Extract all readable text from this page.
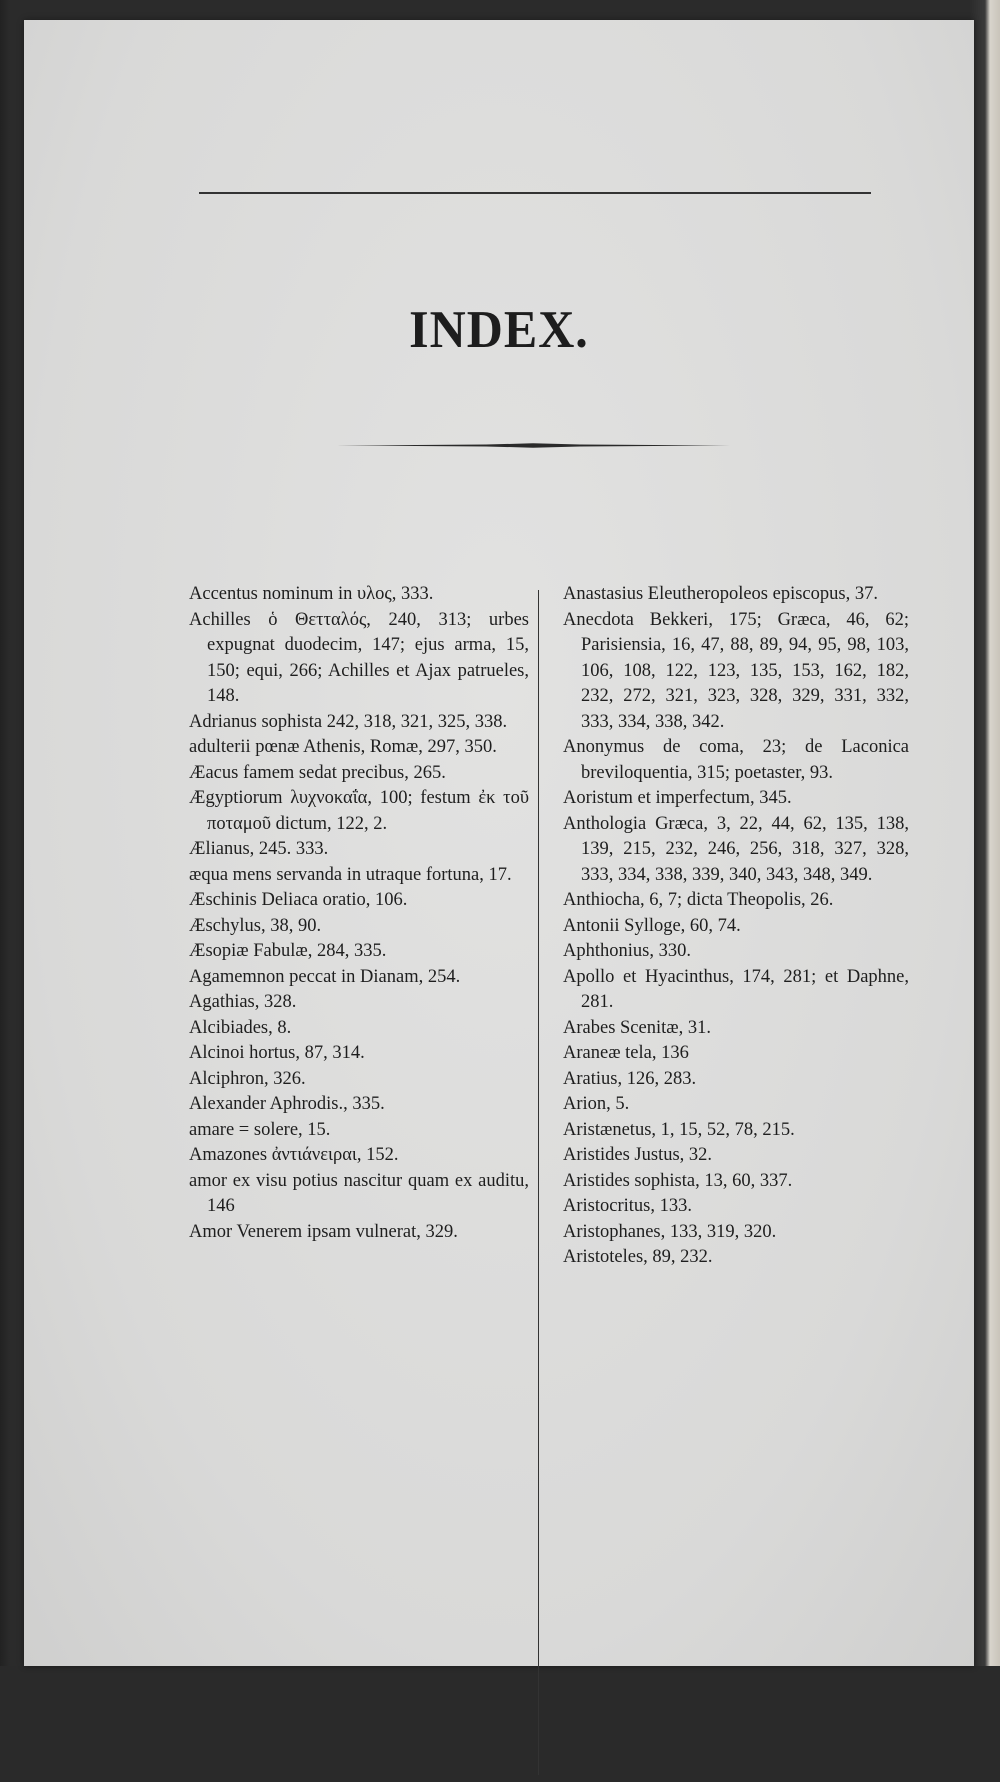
INDEX.

Accentus nominum in υλος, 333.

Achilles ὁ Θετταλός, 240, 313; urbes expugnat duodecim, 147; ejus arma, 15, 150; equi, 266; Achilles et Ajax patrueles, 148.

Adrianus sophista 242, 318, 321, 325, 338.

adulterii pœnæ Athenis, Romæ, 297, 350.

Æacus famem sedat precibus, 265.

Ægyptiorum λυχνοκαΐα, 100; festum ἐκ τοῦ ποταμοῦ dictum, 122, 2.

Ælianus, 245. 333.

æqua mens servanda in utraque fortuna, 17.

Æschinis Deliaca oratio, 106.

Æschylus, 38, 90.

Æsopiæ Fabulæ, 284, 335.

Agamemnon peccat in Dianam, 254.

Agathias, 328.

Alcibiades, 8.

Alcinoi hortus, 87, 314.

Alciphron, 326.

Alexander Aphrodis., 335.

amare = solere, 15.

Amazones ἀντιάνειραι, 152.

amor ex visu potius nascitur quam ex auditu, 146

Amor Venerem ipsam vulnerat, 329.

Anastasius Eleutheropoleos episcopus, 37.

Anecdota Bekkeri, 175; Græca, 46, 62; Parisiensia, 16, 47, 88, 89, 94, 95, 98, 103, 106, 108, 122, 123, 135, 153, 162, 182, 232, 272, 321, 323, 328, 329, 331, 332, 333, 334, 338, 342.

Anonymus de coma, 23; de Laconica breviloquentia, 315; poetaster, 93.

Aoristum et imperfectum, 345.

Anthologia Græca, 3, 22, 44, 62, 135, 138, 139, 215, 232, 246, 256, 318, 327, 328, 333, 334, 338, 339, 340, 343, 348, 349.

Anthiocha, 6, 7; dicta Theopolis, 26.

Antonii Sylloge, 60, 74.

Aphthonius, 330.

Apollo et Hyacinthus, 174, 281; et Daphne, 281.

Arabes Scenitæ, 31.

Araneæ tela, 136

Aratius, 126, 283.

Arion, 5.

Aristænetus, 1, 15, 52, 78, 215.

Aristides Justus, 32.

Aristides sophista, 13, 60, 337.

Aristocritus, 133.

Aristophanes, 133, 319, 320.

Aristoteles, 89, 232.
